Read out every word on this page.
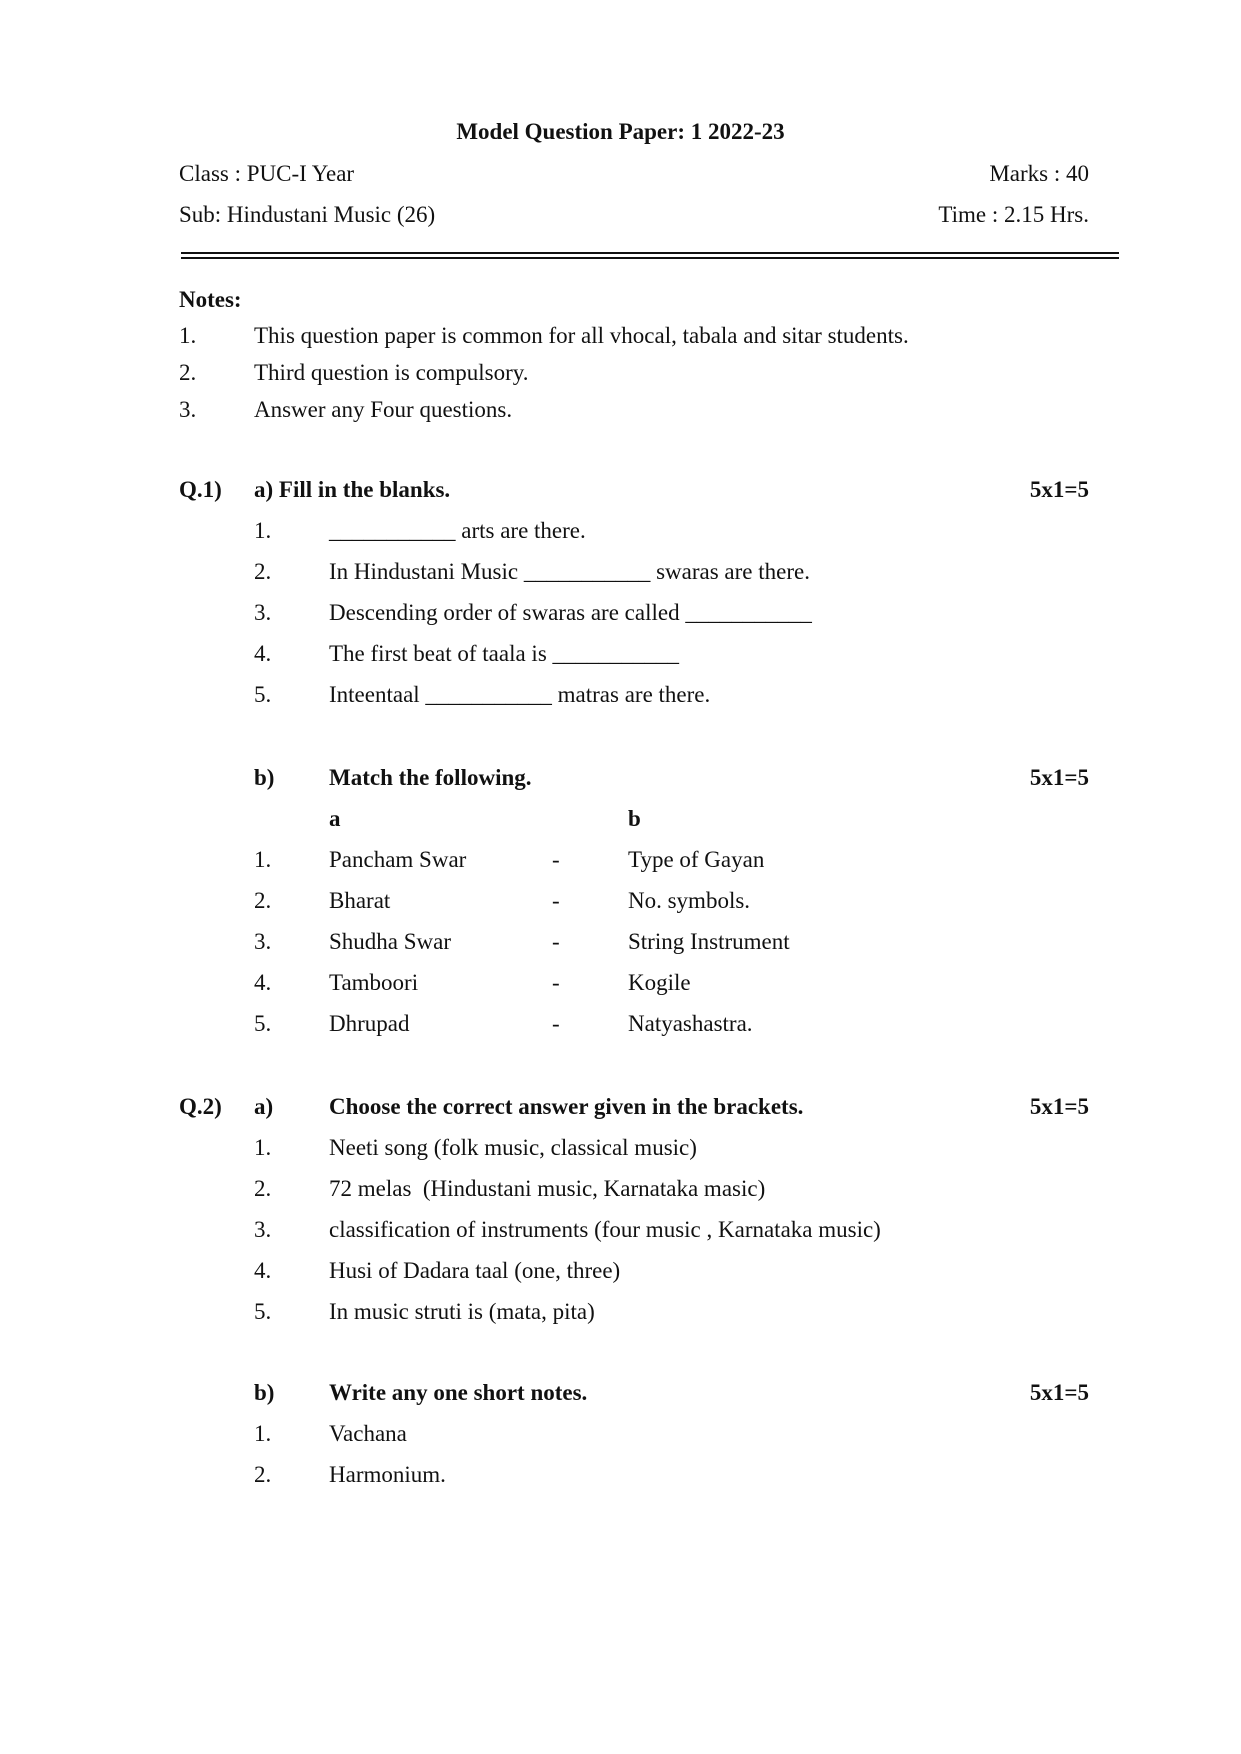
Model Question Paper: 1 2022-23
Class : PUC-I Year	Marks : 40
Sub: Hindustani Music (26)	Time : 2.15 Hrs.
Notes:
1.	This question paper is common for all vhocal, tabala and sitar students.
2.	Third question is compulsory.
3.	Answer any Four questions.
Q.1) a) Fill in the blanks.	5x1=5
1.	___________ arts are there.
2.	In Hindustani Music ___________ swaras are there.
3.	Descending order of swaras are called ___________
4.	The first beat of taala is ___________
5.	Inteentaal ___________ matras are there.
b) Match the following.	5x1=5
a	b
1.	Pancham Swar	-	Type of Gayan
2.	Bharat	-	No. symbols.
3.	Shudha Swar	-	String Instrument
4.	Tamboori	-	Kogile
5.	Dhrupad	-	Natyashastra.
Q.2) a) Choose the correct answer given in the brackets.	5x1=5
1.	Neeti song (folk music, classical music)
2.	72 melas  (Hindustani music, Karnataka masic)
3.	classification of instruments (four music , Karnataka music)
4.	Husi of Dadara taal (one, three)
5.	In music struti is (mata, pita)
b) Write any one short notes.	5x1=5
1.	Vachana
2.	Harmonium.
